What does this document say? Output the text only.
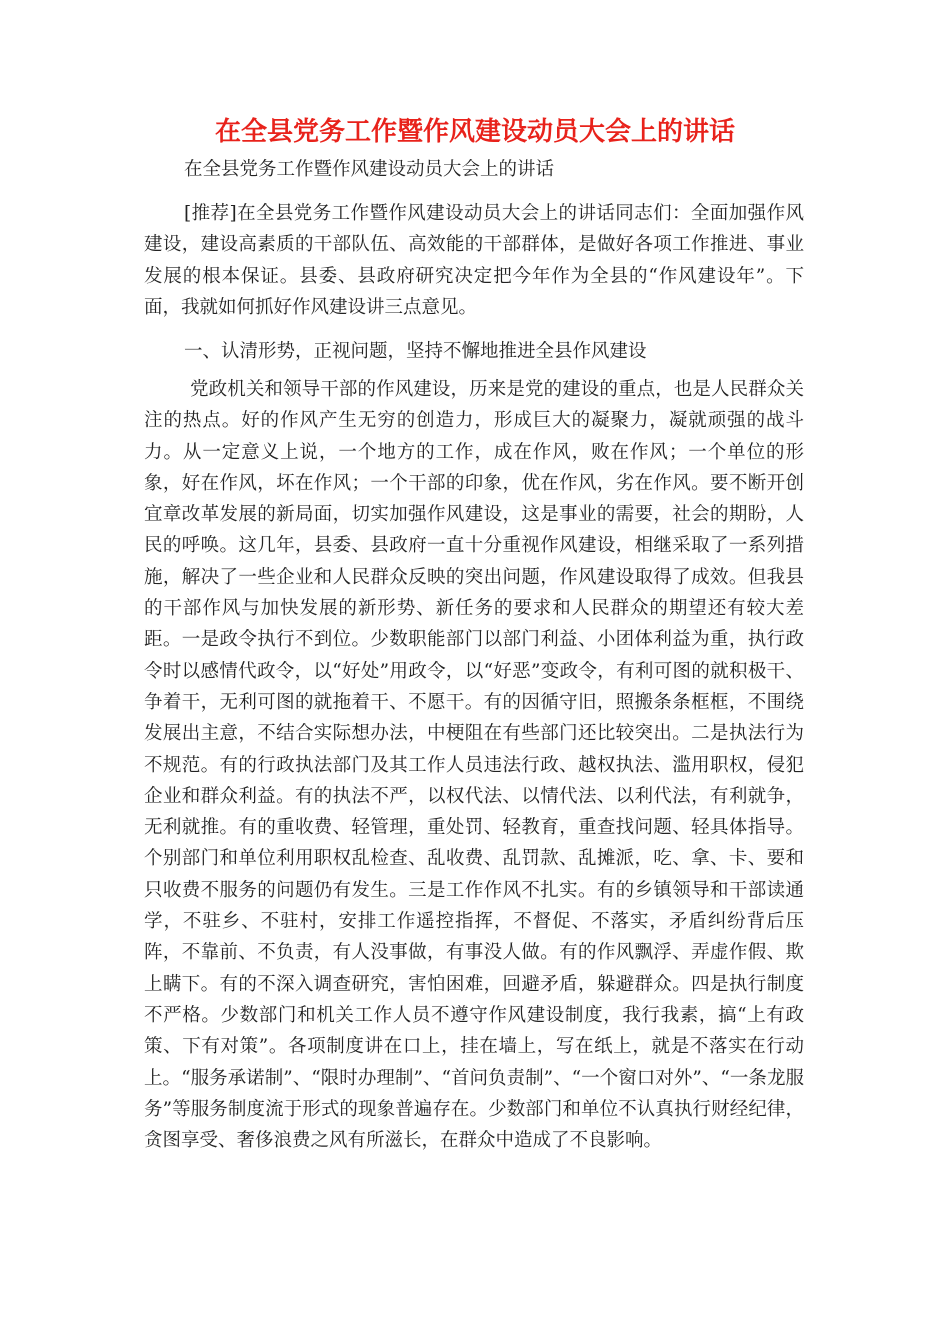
在全县党务工作暨作风建设动员大会上的讲话

在全县党务工作暨作风建设动员大会上的讲话

[推荐]在全县党务工作暨作风建设动员大会上的讲话同志们：全面加强作风建设，建设高素质的干部队伍、高效能的干部群体，是做好各项工作推进、事业发展的根本保证。县委、县政府研究决定把今年作为全县的“作风建设年”。下面，我就如何抓好作风建设讲三点意见。

一、认清形势，正视问题，坚持不懈地推进全县作风建设

党政机关和领导干部的作风建设，历来是党的建设的重点，也是人民群众关注的热点。好的作风产生无穷的创造力，形成巨大的凝聚力，凝就顽强的战斗力。从一定意义上说，一个地方的工作，成在作风，败在作风；一个单位的形象，好在作风，坏在作风；一个干部的印象，优在作风，劣在作风。要不断开创宜章改革发展的新局面，切实加强作风建设，这是事业的需要，社会的期盼，人民的呼唤。这几年，县委、县政府一直十分重视作风建设，相继采取了一系列措施，解决了一些企业和人民群众反映的突出问题，作风建设取得了成效。但我县的干部作风与加快发展的新形势、新任务的要求和人民群众的期望还有较大差距。一是政令执行不到位。少数职能部门以部门利益、小团体利益为重，执行政令时以感情代政令，以“好处”用政令，以“好恶”变政令，有利可图的就积极干、争着干，无利可图的就拖着干、不愿干。有的因循守旧，照搬条条框框，不围绕发展出主意，不结合实际想办法，中梗阻在有些部门还比较突出。二是执法行为不规范。有的行政执法部门及其工作人员违法行政、越权执法、滥用职权，侵犯企业和群众利益。有的执法不严，以权代法、以情代法、以利代法，有利就争，无利就推。有的重收费、轻管理，重处罚、轻教育，重查找问题、轻具体指导。个别部门和单位利用职权乱检查、乱收费、乱罚款、乱摊派，吃、拿、卡、要和只收费不服务的问题仍有发生。三是工作作风不扎实。有的乡镇领导和干部读通学，不驻乡、不驻村，安排工作遥控指挥，不督促、不落实，矛盾纠纷背后压阵，不靠前、不负责，有人没事做，有事没人做。有的作风飘浮、弄虚作假、欺上瞒下。有的不深入调查研究，害怕困难，回避矛盾，躲避群众。四是执行制度不严格。少数部门和机关工作人员不遵守作风建设制度，我行我素，搞“上有政策、下有对策”。各项制度讲在口上，挂在墙上，写在纸上，就是不落实在行动上。“服务承诺制”、“限时办理制”、“首问负责制”、“一个窗口对外”、“一条龙服务”等服务制度流于形式的现象普遍存在。少数部门和单位不认真执行财经纪律，贪图享受、奢侈浪费之风有所滋长，在群众中造成了不良影响。
